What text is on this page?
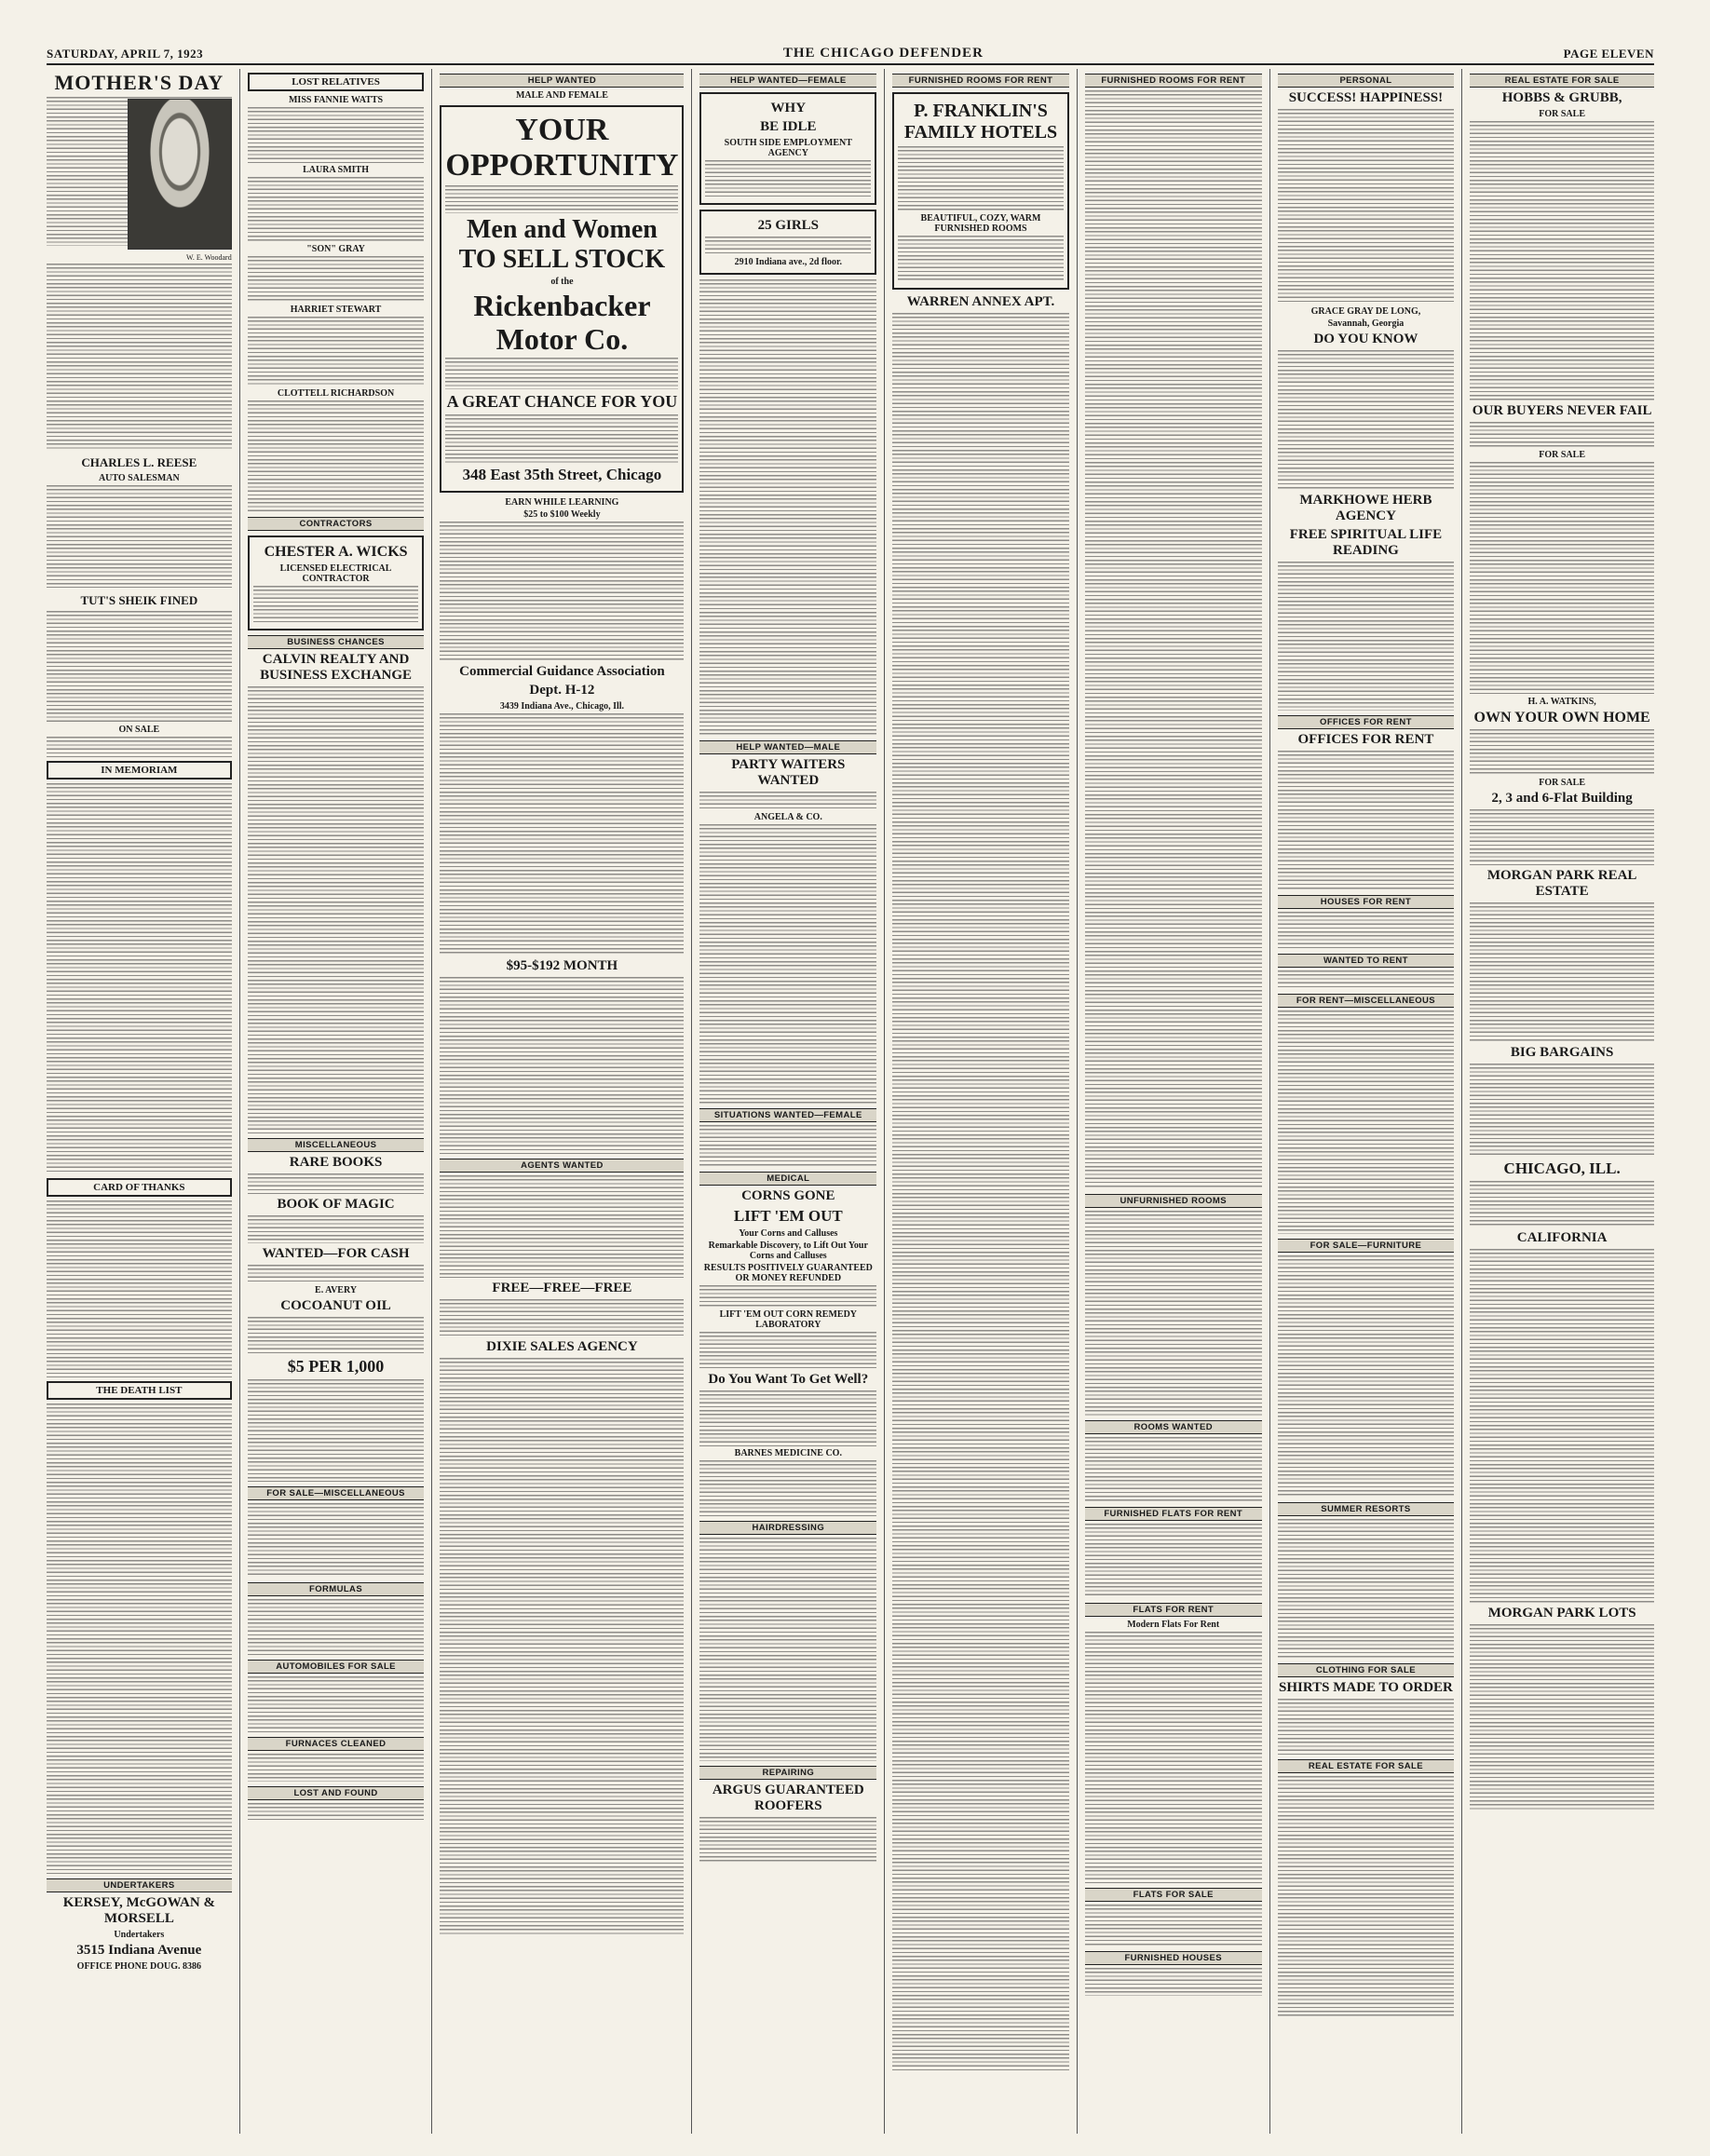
SATURDAY, APRIL 7, 1923	THE CHICAGO DEFENDER	PAGE ELEVEN
MOTHER'S DAY
W. E. Woodard
CHARLES L. REESE
AUTO SALESMAN
TUT'S SHEIK FINED
ON SALE
IN MEMORIAM
CARD OF THANKS
THE DEATH LIST
UNDERTAKERS
KERSEY, McGOWAN & MORSELL
Undertakers
3515 Indiana Avenue
OFFICE PHONE DOUG. 8386
LOST RELATIVES
MISS FANNIE WATTS
LAURA SMITH
"SON" GRAY
HARRIET STEWART
CLOTTELL RICHARDSON
CONTRACTORS
CHESTER A. WICKS
LICENSED ELECTRICAL CONTRACTOR
BUSINESS CHANCES
CALVIN REALTY AND BUSINESS EXCHANGE
MISCELLANEOUS
RARE BOOKS
BOOK OF MAGIC
WANTED—FOR CASH
E. AVERY
COCOANUT OIL
$5 PER 1,000
FOR SALE—MISCELLANEOUS
FORMULAS
AUTOMOBILES FOR SALE
FURNACES CLEANED
LOST AND FOUND
HELP WANTED
MALE AND FEMALE
YOUR
OPPORTUNITY
Men and Women
TO SELL STOCK
of the
Rickenbacker
Motor Co.
A GREAT CHANCE FOR YOU
348 East 35th Street, Chicago
EARN WHILE LEARNING
$25 to $100 Weekly
Commercial Guidance Association
Dept. H-12
3439 Indiana Ave., Chicago, Ill.
$95-$192 MONTH
AGENTS WANTED
FREE—FREE—FREE
DIXIE SALES AGENCY
HELP WANTED—FEMALE
WHY
BE IDLE
SOUTH SIDE EMPLOYMENT AGENCY
25 GIRLS
2910 Indiana ave., 2d floor.
HELP WANTED—MALE
PARTY WAITERS WANTED
ANGELA & CO.
SITUATIONS WANTED—FEMALE
MEDICAL
CORNS GONE
LIFT 'EM OUT
Your Corns and Calluses
Remarkable Discovery, to Lift Out Your Corns and Calluses
RESULTS POSITIVELY GUARANTEED OR MONEY REFUNDED
LIFT 'EM OUT CORN REMEDY LABORATORY
Do You Want To Get Well?
BARNES MEDICINE CO.
HAIRDRESSING
REPAIRING
ARGUS GUARANTEED ROOFERS
FURNISHED ROOMS FOR RENT
P. FRANKLIN'S FAMILY HOTELS
BEAUTIFUL, COZY, WARM FURNISHED ROOMS
WARREN ANNEX APT.
FURNISHED ROOMS FOR RENT
UNFURNISHED ROOMS
ROOMS WANTED
FURNISHED FLATS FOR RENT
FLATS FOR RENT
Modern Flats For Rent
FLATS FOR SALE
FURNISHED HOUSES
PERSONAL
SUCCESS! HAPPINESS!
GRACE GRAY DE LONG,
Savannah, Georgia
DO YOU KNOW
MARKHOWE HERB AGENCY
FREE SPIRITUAL LIFE READING
OFFICES FOR RENT
OFFICES FOR RENT
HOUSES FOR RENT
WANTED TO RENT
FOR RENT—MISCELLANEOUS
FOR SALE—FURNITURE
SUMMER RESORTS
CLOTHING FOR SALE
SHIRTS MADE TO ORDER
REAL ESTATE FOR SALE
REAL ESTATE FOR SALE
HOBBS & GRUBB,
FOR SALE
OUR BUYERS NEVER FAIL
FOR SALE
H. A. WATKINS,
OWN YOUR OWN HOME
FOR SALE
2, 3 and 6-Flat Building
MORGAN PARK REAL ESTATE
BIG BARGAINS
CHICAGO, ILL.
CALIFORNIA
MORGAN PARK LOTS
